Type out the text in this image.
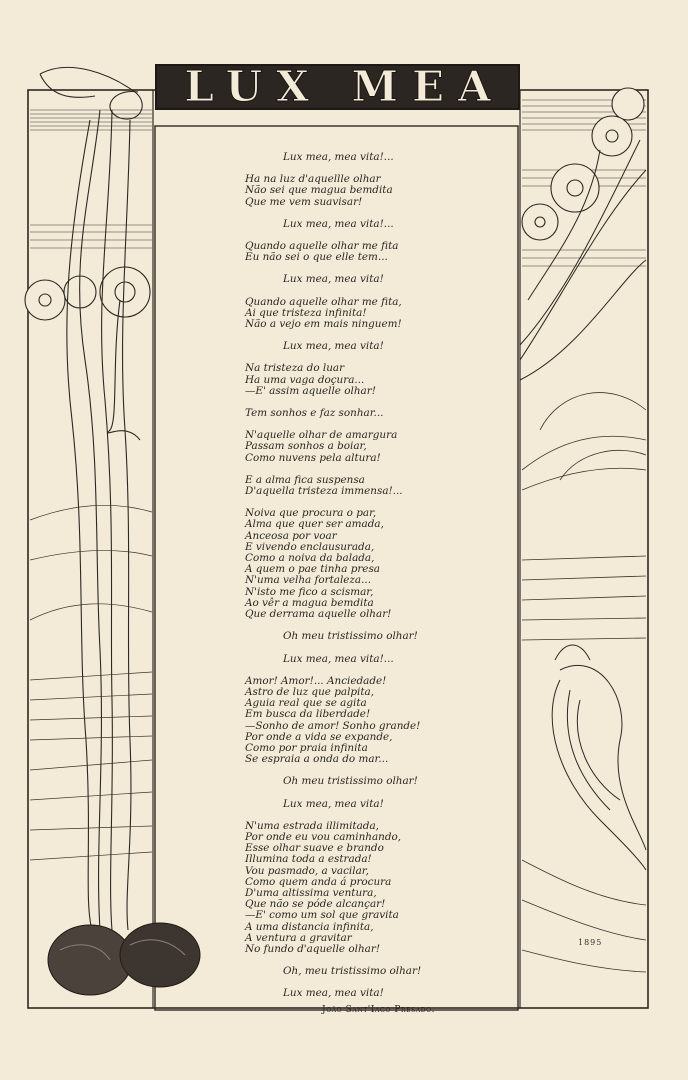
LUX MEA
Lux mea, mea vita!...
Ha na luz d'aquellle olhar
Não sei que magua bemdita
Que me vem suavisar!
Lux mea, mea vita!...
Quando aquelle olhar me fita
Eu não sei o que elle tem...
Lux mea, mea vita!
Quando aquelle olhar me fita,
Ai que tristeza infinita!
Não a vejo em mais ninguem!
Lux mea, mea vita!
Na tristeza do luar
Ha uma vaga doçura...
—E' assim aquelle olhar!
Tem sonhos e faz sonhar...
N'aquelle olhar de amargura
Passam sonhos a boiar,
Como nuvens pela altura!
E a alma fica suspensa
D'aquella tristeza immensa!...
Noiva que procura o par,
Alma que quer ser amada,
Anceosa por voar
E vivendo enclausurada,
Como a noiva da balada,
A quem o pae tinha presa
N'uma velha fortaleza...
N'isto me fico a scismar,
Ao vêr a magua bemdita
Que derrama aquelle olhar!
Oh meu tristissimo olhar!
Lux mea, mea vita!...
Amor! Amor!... Anciedade!
Astro de luz que palpita,
Aguia real que se agita
Em busca da liberdade!
—Sonho de amor! Sonho grande!
Por onde a vida se expande,
Como por praia infinita
Se espraia a onda do mar...
Oh meu tristissimo olhar!
Lux mea, mea vita!
N'uma estrada illimitada,
Por onde eu vou caminhando,
Esse olhar suave e brando
Illumina toda a estrada!
Vou pasmado, a vacilar,
Como quem anda á procura
D'uma altissima ventura,
Que não se póde alcançar!
—E' como um sol que gravita
A uma distancia infinita,
A ventura a gravitar
No fundo d'aquelle olhar!
Oh, meu tristissimo olhar!
Lux mea, mea vita!
João Sant'Iago Presado.
1895
